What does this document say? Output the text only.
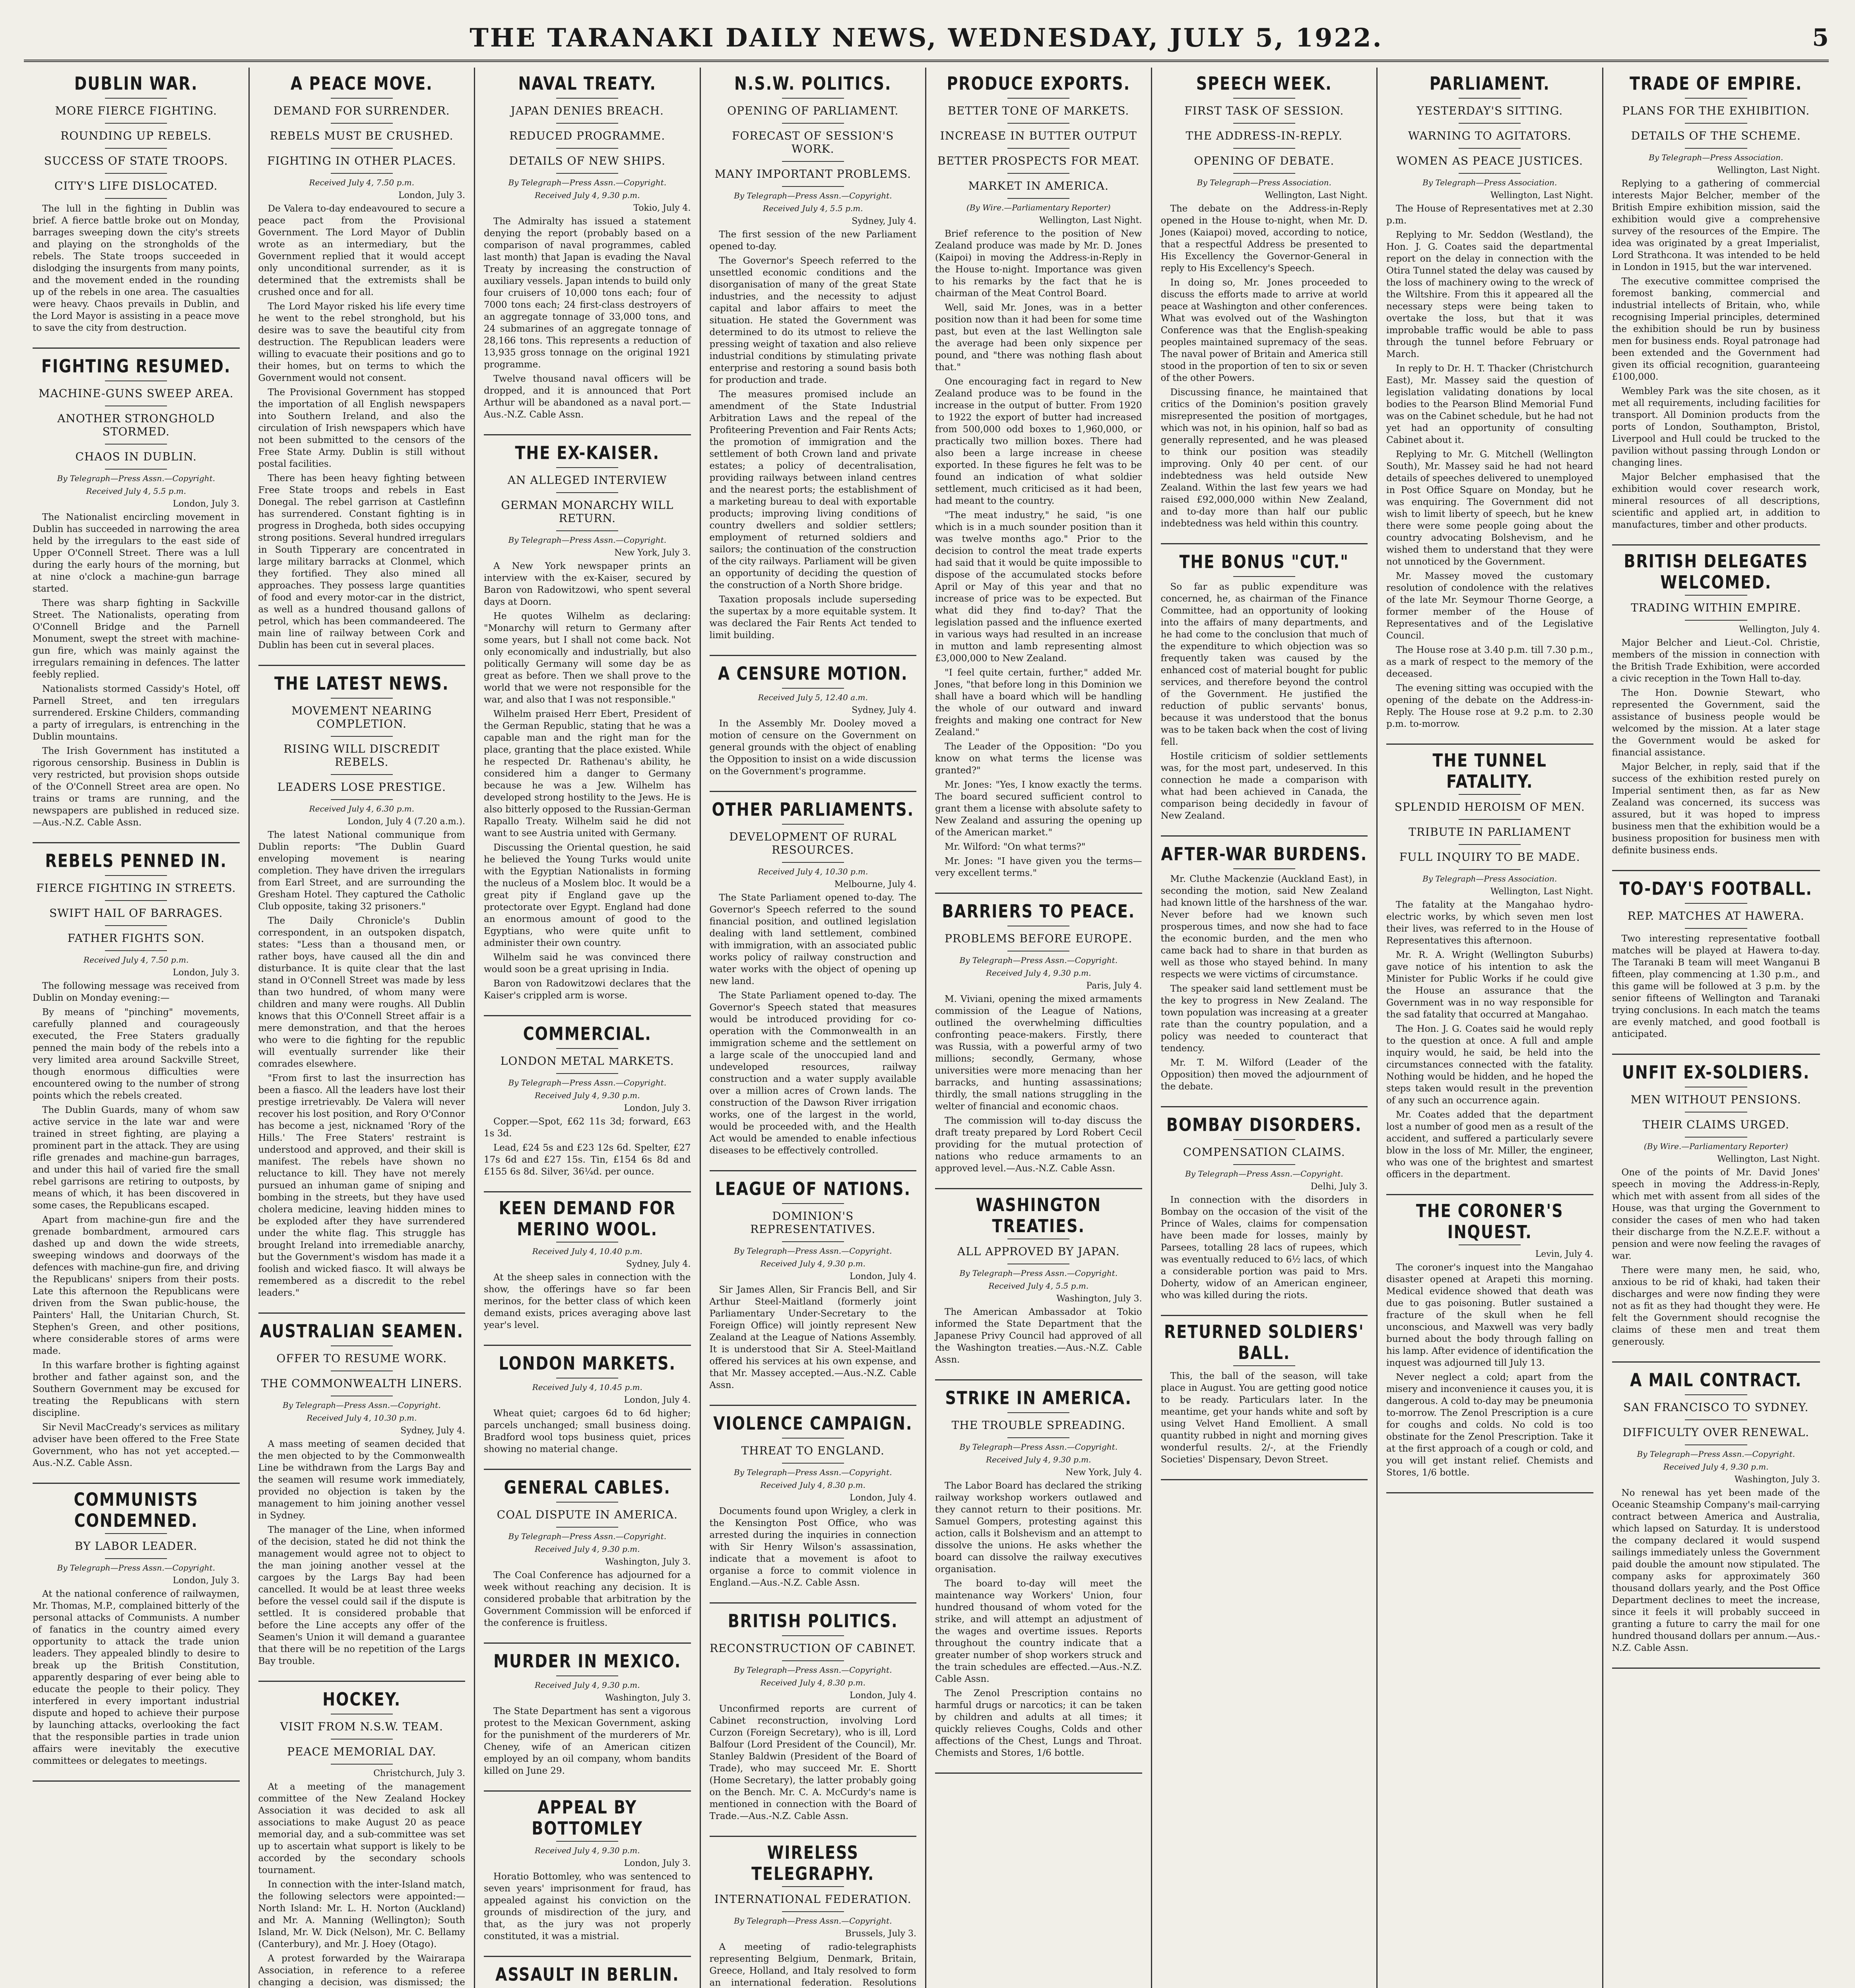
THE TARANAKI DAILY NEWS, WEDNESDAY, JULY 5, 1922.	5
DUBLIN WAR.
MORE FIERCE FIGHTING.
ROUNDING UP REBELS.
SUCCESS OF STATE TROOPS.
CITY'S LIFE DISLOCATED.

The lull in the fighting in Dublin was brief. A fierce battle broke out on Monday, barrages sweeping down the city's streets and playing on the strongholds of the rebels. The State troops succeeded in dislodging the insurgents from many points, and the movement ended in the rounding up of the rebels in one area. The casualties were heavy. Chaos prevails in Dublin, and the Lord Mayor is assisting in a peace move to save the city from destruction.

FIGHTING RESUMED.
MACHINE-GUNS SWEEP AREA.
ANOTHER STRONGHOLD STORMED.
CHAOS IN DUBLIN.
By Telegraph—Press Assn.—Copyright.
Received July 4, 5.5 p.m.
London, July 3.

The Nationalist encircling movement in Dublin has succeeded in narrowing the area held by the irregulars to the east side of Upper O'Connell Street. There was a lull during the early hours of the morning, but at nine o'clock a machine-gun barrage started.

There was sharp fighting in Sackville Street. The Nationalists, operating from O'Connell Bridge and the Parnell Monument, swept the street with machine-gun fire, which was mainly against the irregulars remaining in defences. The latter feebly replied.

Nationalists stormed Cassidy's Hotel, off Parnell Street, and ten irregulars surrendered. Erskine Childers, commanding a party of irregulars, is entrenching in the Dublin mountains.

The Irish Government has instituted a rigorous censorship. Business in Dublin is very restricted, but provision shops outside of the O'Connell Street area are open. No trains or trams are running, and the newspapers are published in reduced size.—Aus.-N.Z. Cable Assn.

REBELS PENNED IN.
FIERCE FIGHTING IN STREETS.
SWIFT HAIL OF BARRAGES.
FATHER FIGHTS SON.
Received July 4, 7.50 p.m.
London, July 3.

The following message was received from Dublin on Monday evening:—

By means of "pinching" movements, carefully planned and courageously executed, the Free Staters gradually penned the main body of the rebels into a very limited area around Sackville Street, though enormous difficulties were encountered owing to the number of strong points which the rebels created.

The Dublin Guards, many of whom saw active service in the late war and were trained in street fighting, are playing a prominent part in the attack. They are using rifle grenades and machine-gun barrages, and under this hail of varied fire the small rebel garrisons are retiring to outposts, by means of which, it has been discovered in some cases, the Republicans escaped.

Apart from machine-gun fire and the grenade bombardment, armoured cars dashed up and down the wide streets, sweeping windows and doorways of the defences with machine-gun fire, and driving the Republicans' snipers from their posts. Late this afternoon the Republicans were driven from the Swan public-house, the Painters' Hall, the Unitarian Church, St. Stephen's Green, and other positions, where considerable stores of arms were made.

In this warfare brother is fighting against brother and father against son, and the Southern Government may be excused for treating the Republicans with stern discipline.

Sir Nevil MacCready's services as military adviser have been offered to the Free State Government, who has not yet accepted.—Aus.-N.Z. Cable Assn.

COMMUNISTS CONDEMNED.
BY LABOR LEADER.
By Telegraph—Press Assn.—Copyright.
London, July 3.

At the national conference of railwaymen, Mr. Thomas, M.P., complained bitterly of the personal attacks of Communists. A number of fanatics in the country aimed every opportunity to attack the trade union leaders. They appealed blindly to desire to break up the British Constitution, apparently desparing of ever being able to educate the people to their policy. They interfered in every important industrial dispute and hoped to achieve their purpose by launching attacks, overlooking the fact that the responsible parties in trade union affairs were inevitably the executive committees or delegates to meetings.

A PEACE MOVE.
DEMAND FOR SURRENDER.
REBELS MUST BE CRUSHED.
FIGHTING IN OTHER PLACES.
Received July 4, 7.50 p.m.
London, July 3.

De Valera to-day endeavoured to secure a peace pact from the Provisional Government. The Lord Mayor of Dublin wrote as an intermediary, but the Government replied that it would accept only unconditional surrender, as it is determined that the extremists shall be crushed once and for all.

The Lord Mayor risked his life every time he went to the rebel stronghold, but his desire was to save the beautiful city from destruction. The Republican leaders were willing to evacuate their positions and go to their homes, but on terms to which the Government would not consent.

The Provisional Government has stopped the importation of all English newspapers into Southern Ireland, and also the circulation of Irish newspapers which have not been submitted to the censors of the Free State Army. Dublin is still without postal facilities.

There has been heavy fighting between Free State troops and rebels in East Donegal. The rebel garrison at Castlefinn has surrendered. Constant fighting is in progress in Drogheda, both sides occupying strong positions. Several hundred irregulars in South Tipperary are concentrated in large military barracks at Clonmel, which they fortified. They also mined all approaches. They possess large quantities of food and every motor-car in the district, as well as a hundred thousand gallons of petrol, which has been commandeered. The main line of railway between Cork and Dublin has been cut in several places.

THE LATEST NEWS.
MOVEMENT NEARING COMPLETION.
RISING WILL DISCREDIT REBELS.
LEADERS LOSE PRESTIGE.
Received July 4, 6.30 p.m.
London, July 4 (7.20 a.m.).

The latest National communique from Dublin reports: "The Dublin Guard enveloping movement is nearing completion. They have driven the irregulars from Earl Street, and are surrounding the Gresham Hotel. They captured the Catholic Club opposite, taking 32 prisoners."

The Daily Chronicle's Dublin correspondent, in an outspoken dispatch, states: "Less than a thousand men, or rather boys, have caused all the din and disturbance. It is quite clear that the last stand in O'Connell Street was made by less than two hundred, of whom many were children and many were roughs. All Dublin knows that this O'Connell Street affair is a mere demonstration, and that the heroes who were to die fighting for the republic will eventually surrender like their comrades elsewhere.

"From first to last the insurrection has been a fiasco. All the leaders have lost their prestige irretrievably. De Valera will never recover his lost position, and Rory O'Connor has become a jest, nicknamed 'Rory of the Hills.' The Free Staters' restraint is understood and approved, and their skill is manifest. The rebels have shown no reluctance to kill. They have not merely pursued an inhuman game of sniping and bombing in the streets, but they have used cholera medicine, leaving hidden mines to be exploded after they have surrendered under the white flag. This struggle has brought Ireland into irremediable anarchy, but the Government's wisdom has made it a foolish and wicked fiasco. It will always be remembered as a discredit to the rebel leaders."

AUSTRALIAN SEAMEN.
OFFER TO RESUME WORK.
THE COMMONWEALTH LINERS.
By Telegraph—Press Assn.—Copyright.
Received July 4, 10.30 p.m.
Sydney, July 4.

A mass meeting of seamen decided that the men objected to by the Commonwealth Line be withdrawn from the Largs Bay and the seamen will resume work immediately, provided no objection is taken by the management to him joining another vessel in Sydney.

The manager of the Line, when informed of the decision, stated he did not think the management would agree not to object to the man joining another vessel at the cargoes by the Largs Bay had been cancelled. It would be at least three weeks before the vessel could sail if the dispute is settled. It is considered probable that before the Line accepts any offer of the Seamen's Union it will demand a guarantee that there will be no repetition of the Largs Bay trouble.

HOCKEY.
VISIT FROM N.S.W. TEAM.
PEACE MEMORIAL DAY.
Christchurch, July 3.

At a meeting of the management committee of the New Zealand Hockey Association it was decided to ask all associations to make August 20 as peace memorial day, and a sub-committee was set up to ascertain what support is likely to be accorded by the secondary schools tournament.

In connection with the inter-Island match, the following selectors were appointed:—North Island: Mr. L. H. Norton (Auckland) and Mr. A. Manning (Wellington); South Island, Mr. W. Dick (Nelson), Mr. C. Bellamy (Canterbury), and Mr. J. Hoey (Otago).

A protest forwarded by the Wairarapa Association, in reference to a referee changing a decision, was dismissed; the

NAVAL TREATY.
JAPAN DENIES BREACH.
REDUCED PROGRAMME.
DETAILS OF NEW SHIPS.
By Telegraph—Press Assn.—Copyright.
Received July 4, 9.30 p.m.
Tokio, July 4.

The Admiralty has issued a statement denying the report (probably based on a comparison of naval programmes, cabled last month) that Japan is evading the Naval Treaty by increasing the construction of auxiliary vessels. Japan intends to build only four cruisers of 10,000 tons each; four of 7000 tons each; 24 first-class destroyers of an aggregate tonnage of 33,000 tons, and 24 submarines of an aggregate tonnage of 28,166 tons. This represents a reduction of 13,935 gross tonnage on the original 1921 programme.

Twelve thousand naval officers will be dropped, and it is announced that Port Arthur will be abandoned as a naval port.—Aus.-N.Z. Cable Assn.

THE EX-KAISER.
AN ALLEGED INTERVIEW
GERMAN MONARCHY WILL RETURN.
By Telegraph—Press Assn.—Copyright.
New York, July 3.

A New York newspaper prints an interview with the ex-Kaiser, secured by Baron von Radowitzowi, who spent several days at Doorn.

He quotes Wilhelm as declaring: "Monarchy will return to Germany after some years, but I shall not come back. Not only economically and industrially, but also politically Germany will some day be as great as before. Then we shall prove to the world that we were not responsible for the war, and also that I was not responsible."

Wilhelm praised Herr Ebert, President of the German Republic, stating that he was a capable man and the right man for the place, granting that the place existed. While he respected Dr. Rathenau's ability, he considered him a danger to Germany because he was a Jew. Wilhelm has developed strong hostility to the Jews. He is also bitterly opposed to the Russian-German Rapallo Treaty. Wilhelm said he did not want to see Austria united with Germany.

Discussing the Oriental question, he said he believed the Young Turks would unite with the Egyptian Nationalists in forming the nucleus of a Moslem bloc. It would be a great pity if England gave up the protectorate over Egypt. England had done an enormous amount of good to the Egyptians, who were quite unfit to administer their own country.

Wilhelm said he was convinced there would soon be a great uprising in India.

Baron von Radowitzowi declares that the Kaiser's crippled arm is worse.

COMMERCIAL.
LONDON METAL MARKETS.
By Telegraph—Press Assn.—Copyright.
Received July 4, 9.30 p.m.
London, July 3.

Copper.—Spot, £62 11s 3d; forward, £63 1s 3d.

Lead, £24 5s and £23 12s 6d. Spelter, £27 17s 6d and £27 15s. Tin, £154 6s 8d and £155 6s 8d. Silver, 36¼d. per ounce.

KEEN DEMAND FOR MERINO WOOL.
Received July 4, 10.40 p.m.
Sydney, July 4.

At the sheep sales in connection with the show, the offerings have so far been merinos, for the better class of which keen demand exists, prices averaging above last year's level.

LONDON MARKETS.
Received July 4, 10.45 p.m.
London, July 4.

Wheat quiet; cargoes 6d to 6d higher; parcels unchanged; small business doing. Bradford wool tops business quiet, prices showing no material change.

GENERAL CABLES.
COAL DISPUTE IN AMERICA.
By Telegraph—Press Assn.—Copyright.
Received July 4, 9.30 p.m.
Washington, July 3.

The Coal Conference has adjourned for a week without reaching any decision. It is considered probable that arbitration by the Government Commission will be enforced if the conference is fruitless.

MURDER IN MEXICO.
Received July 4, 9.30 p.m.
Washington, July 3.

The State Department has sent a vigorous protest to the Mexican Government, asking for the punishment of the murderers of Mr. Cheney, wife of an American citizen employed by an oil company, whom bandits killed on June 29.

APPEAL BY BOTTOMLEY
Received July 4, 9.30 p.m.
London, July 3.

Horatio Bottomley, who was sentenced to seven years' imprisonment for fraud, has appealed against his conviction on the grounds of misdirection of the jury, and that, as the jury was not properly constituted, it was a mistrial.

ASSAULT IN BERLIN.

N.S.W. POLITICS.
OPENING OF PARLIAMENT.
FORECAST OF SESSION'S WORK.
MANY IMPORTANT PROBLEMS.
By Telegraph—Press Assn.—Copyright.
Received July 4, 5.5 p.m.
Sydney, July 4.

The first session of the new Parliament opened to-day.

The Governor's Speech referred to the unsettled economic conditions and the disorganisation of many of the great State industries, and the necessity to adjust capital and labor affairs to meet the situation. He stated the Government was determined to do its utmost to relieve the pressing weight of taxation and also relieve industrial conditions by stimulating private enterprise and restoring a sound basis both for production and trade.

The measures promised include an amendment of the State Industrial Arbitration Laws and the repeal of the Profiteering Prevention and Fair Rents Acts; the promotion of immigration and the settlement of both Crown land and private estates; a policy of decentralisation, providing railways between inland centres and the nearest ports; the establishment of a marketing bureau to deal with exportable products; improving living conditions of country dwellers and soldier settlers; employment of returned soldiers and sailors; the continuation of the construction of the city railways. Parliament will be given an opportunity of deciding the question of the construction of a North Shore bridge.

Taxation proposals include superseding the supertax by a more equitable system. It was declared the Fair Rents Act tended to limit building.

A CENSURE MOTION.
Received July 5, 12.40 a.m.
Sydney, July 4.

In the Assembly Mr. Dooley moved a motion of censure on the Government on general grounds with the object of enabling the Opposition to insist on a wide discussion on the Government's programme.

OTHER PARLIAMENTS.
DEVELOPMENT OF RURAL RESOURCES.
Received July 4, 10.30 p.m.
Melbourne, July 4.

The State Parliament opened to-day. The Governor's Speech referred to the sound financial position, and outlined legislation dealing with land settlement, combined with immigration, with an associated public works policy of railway construction and water works with the object of opening up new land.

The State Parliament opened to-day. The Governor's Speech stated that measures would be introduced providing for co-operation with the Commonwealth in an immigration scheme and the settlement on a large scale of the unoccupied land and undeveloped resources, railway construction and a water supply available over a million acres of Crown lands. The construction of the Dawson River irrigation works, one of the largest in the world, would be proceeded with, and the Health Act would be amended to enable infectious diseases to be effectively controlled.

LEAGUE OF NATIONS.
DOMINION'S REPRESENTATIVES.
By Telegraph—Press Assn.—Copyright.
Received July 4, 9.30 p.m.
London, July 4.

Sir James Allen, Sir Francis Bell, and Sir Arthur Steel-Maitland (formerly joint Parliamentary Under-Secretary to the Foreign Office) will jointly represent New Zealand at the League of Nations Assembly. It is understood that Sir A. Steel-Maitland offered his services at his own expense, and that Mr. Massey accepted.—Aus.-N.Z. Cable Assn.

VIOLENCE CAMPAIGN.
THREAT TO ENGLAND.
By Telegraph—Press Assn.—Copyright.
Received July 4, 8.30 p.m.
London, July 4.

Documents found upon Wrigley, a clerk in the Kensington Post Office, who was arrested during the inquiries in connection with Sir Henry Wilson's assassination, indicate that a movement is afoot to organise a force to commit violence in England.—Aus.-N.Z. Cable Assn.

BRITISH POLITICS.
RECONSTRUCTION OF CABINET.
By Telegraph—Press Assn.—Copyright.
Received July 4, 8.30 p.m.
London, July 4.

Unconfirmed reports are current of Cabinet reconstruction, involving Lord Curzon (Foreign Secretary), who is ill, Lord Balfour (Lord President of the Council), Mr. Stanley Baldwin (President of the Board of Trade), who may succeed Mr. E. Shortt (Home Secretary), the latter probably going on the Bench. Mr. C. A. McCurdy's name is mentioned in connection with the Board of Trade.—Aus.-N.Z. Cable Assn.

WIRELESS TELEGRAPHY.
INTERNATIONAL FEDERATION.
By Telegraph—Press Assn.—Copyright.
Brussels, July 3.

A meeting of radio-telegraphists representing Belgium, Denmark, Britain, Greece, Holland, and Italy resolved to form an international federation. Resolutions

PRODUCE EXPORTS.
BETTER TONE OF MARKETS.
INCREASE IN BUTTER OUTPUT
BETTER PROSPECTS FOR MEAT.
MARKET IN AMERICA.
(By Wire.—Parliamentary Reporter)
Wellington, Last Night.

Brief reference to the position of New Zealand produce was made by Mr. D. Jones (Kaipoi) in moving the Address-in-Reply in the House to-night. Importance was given to his remarks by the fact that he is chairman of the Meat Control Board.

Well, said Mr. Jones, was in a better position now than it had been for some time past, but even at the last Wellington sale the average had been only sixpence per pound, and "there was nothing flash about that."

One encouraging fact in regard to New Zealand produce was to be found in the increase in the output of butter. From 1920 to 1922 the export of butter had increased from 500,000 odd boxes to 1,960,000, or practically two million boxes. There had also been a large increase in cheese exported. In these figures he felt was to be found an indication of what soldier settlement, much criticised as it had been, had meant to the country.

"The meat industry," he said, "is one which is in a much sounder position than it was twelve months ago." Prior to the decision to control the meat trade experts had said that it would be quite impossible to dispose of the accumulated stocks before April or May of this year and that no increase of price was to be expected. But what did they find to-day? That the legislation passed and the influence exerted in various ways had resulted in an increase in mutton and lamb representing almost £3,000,000 to New Zealand.

"I feel quite certain, further," added Mr. Jones, "that before long in this Dominion we shall have a board which will be handling the whole of our outward and inward freights and making one contract for New Zealand."

The Leader of the Opposition: "Do you know on what terms the license was granted?"

Mr. Jones: "Yes, I know exactly the terms. The board secured sufficient control to grant them a license with absolute safety to New Zealand and assuring the opening up of the American market."

Mr. Wilford: "On what terms?"

Mr. Jones: "I have given you the terms—very excellent terms."

BARRIERS TO PEACE.
PROBLEMS BEFORE EUROPE.
By Telegraph—Press Assn.—Copyright.
Received July 4, 9.30 p.m.
Paris, July 4.

M. Viviani, opening the mixed armaments commission of the League of Nations, outlined the overwhelming difficulties confronting peace-makers. Firstly, there was Russia, with a powerful army of two millions; secondly, Germany, whose universities were more menacing than her barracks, and hunting assassinations; thirdly, the small nations struggling in the welter of financial and economic chaos.

The commission will to-day discuss the draft treaty prepared by Lord Robert Cecil providing for the mutual protection of nations who reduce armaments to an approved level.—Aus.-N.Z. Cable Assn.

WASHINGTON TREATIES.
ALL APPROVED BY JAPAN.
By Telegraph—Press Assn.—Copyright.
Received July 4, 5.5 p.m.
Washington, July 3.

The American Ambassador at Tokio informed the State Department that the Japanese Privy Council had approved of all the Washington treaties.—Aus.-N.Z. Cable Assn.

STRIKE IN AMERICA.
THE TROUBLE SPREADING.
By Telegraph—Press Assn.—Copyright.
Received July 4, 9.30 p.m.
New York, July 4.

The Labor Board has declared the striking railway workshop workers outlawed and they cannot return to their positions. Mr. Samuel Gompers, protesting against this action, calls it Bolshevism and an attempt to dissolve the unions. He asks whether the board can dissolve the railway executives organisation.

The board to-day will meet the maintenance way Workers' Union, four hundred thousand of whom voted for the strike, and will attempt an adjustment of the wages and overtime issues. Reports throughout the country indicate that a greater number of shop workers struck and the train schedules are effected.—Aus.-N.Z. Cable Assn.

The Zenol Prescription contains no harmful drugs or narcotics; it can be taken by children and adults at all times; it quickly relieves Coughs, Colds and other affections of the Chest, Lungs and Throat. Chemists and Stores, 1/6 bottle.

SPEECH WEEK.
FIRST TASK OF SESSION.
THE ADDRESS-IN-REPLY.
OPENING OF DEBATE.
By Telegraph—Press Association.
Wellington, Last Night.

The debate on the Address-in-Reply opened in the House to-night, when Mr. D. Jones (Kaiapoi) moved, according to notice, that a respectful Address be presented to His Excellency the Governor-General in reply to His Excellency's Speech.

In doing so, Mr. Jones proceeded to discuss the efforts made to arrive at world peace at Washington and other conferences. What was evolved out of the Washington Conference was that the English-speaking peoples maintained supremacy of the seas. The naval power of Britain and America still stood in the proportion of ten to six or seven of the other Powers.

Discussing finance, he maintained that critics of the Dominion's position gravely misrepresented the position of mortgages, which was not, in his opinion, half so bad as generally represented, and he was pleased to think our position was steadily improving. Only 40 per cent. of our indebtedness was held outside New Zealand. Within the last few years we had raised £92,000,000 within New Zealand, and to-day more than half our public indebtedness was held within this country.

THE BONUS "CUT."

So far as public expenditure was concerned, he, as chairman of the Finance Committee, had an opportunity of looking into the affairs of many departments, and he had come to the conclusion that much of the expenditure to which objection was so frequently taken was caused by the enhanced cost of material bought for public services, and therefore beyond the control of the Government. He justified the reduction of public servants' bonus, because it was understood that the bonus was to be taken back when the cost of living fell.

Hostile criticism of soldier settlements was, for the most part, undeserved. In this connection he made a comparison with what had been achieved in Canada, the comparison being decidedly in favour of New Zealand.

AFTER-WAR BURDENS.

Mr. Cluthe Mackenzie (Auckland East), in seconding the motion, said New Zealand had known little of the harshness of the war. Never before had we known such prosperous times, and now she had to face the economic burden, and the men who came back had to share in that burden as well as those who stayed behind. In many respects we were victims of circumstance.

The speaker said land settlement must be the key to progress in New Zealand. The town population was increasing at a greater rate than the country population, and a policy was needed to counteract that tendency.

Mr. T. M. Wilford (Leader of the Opposition) then moved the adjournment of the debate.

BOMBAY DISORDERS.
COMPENSATION CLAIMS.
By Telegraph—Press Assn.—Copyright.
Delhi, July 3.

In connection with the disorders in Bombay on the occasion of the visit of the Prince of Wales, claims for compensation have been made for losses, mainly by Parsees, totalling 28 lacs of rupees, which was eventually reduced to 6½ lacs, of which a considerable portion was paid to Mrs. Doherty, widow of an American engineer, who was killed during the riots.

RETURNED SOLDIERS' BALL.

This, the ball of the season, will take place in August. You are getting good notice to be ready. Particulars later. In the meantime, get your hands white and soft by using Velvet Hand Emollient. A small quantity rubbed in night and morning gives wonderful results. 2/-, at the Friendly Societies' Dispensary, Devon Street.

PARLIAMENT.
YESTERDAY'S SITTING.
WARNING TO AGITATORS.
WOMEN AS PEACE JUSTICES.
By Telegraph—Press Association.
Wellington, Last Night.

The House of Representatives met at 2.30 p.m.

Replying to Mr. Seddon (Westland), the Hon. J. G. Coates said the departmental report on the delay in connection with the Otira Tunnel stated the delay was caused by the loss of machinery owing to the wreck of the Wiltshire. From this it appeared all the necessary steps were being taken to overtake the loss, but that it was improbable traffic would be able to pass through the tunnel before February or March.

In reply to Dr. H. T. Thacker (Christchurch East), Mr. Massey said the question of legislation validating donations by local bodies to the Pearson Blind Memorial Fund was on the Cabinet schedule, but he had not yet had an opportunity of consulting Cabinet about it.

Replying to Mr. G. Mitchell (Wellington South), Mr. Massey said he had not heard details of speeches delivered to unemployed in Post Office Square on Monday, but he was enquiring. The Government did not wish to limit liberty of speech, but he knew there were some people going about the country advocating Bolshevism, and he wished them to understand that they were not unnoticed by the Government.

Mr. Massey moved the customary resolution of condolence with the relatives of the late Mr. Seymour Thorne George, a former member of the House of Representatives and of the Legislative Council.

The House rose at 3.40 p.m. till 7.30 p.m., as a mark of respect to the memory of the deceased.

The evening sitting was occupied with the opening of the debate on the Address-in-Reply. The House rose at 9.2 p.m. to 2.30 p.m. to-morrow.

THE TUNNEL FATALITY.
SPLENDID HEROISM OF MEN.
TRIBUTE IN PARLIAMENT
FULL INQUIRY TO BE MADE.
By Telegraph—Press Association.
Wellington, Last Night.

The fatality at the Mangahao hydro-electric works, by which seven men lost their lives, was referred to in the House of Representatives this afternoon.

Mr. R. A. Wright (Wellington Suburbs) gave notice of his intention to ask the Minister for Public Works if he could give the House an assurance that the Government was in no way responsible for the sad fatality that occurred at Mangahao.

The Hon. J. G. Coates said he would reply to the question at once. A full and ample inquiry would, he said, be held into the circumstances connected with the fatality. Nothing would be hidden, and he hoped the steps taken would result in the prevention of any such an occurrence again.

Mr. Coates added that the department lost a number of good men as a result of the accident, and suffered a particularly severe blow in the loss of Mr. Miller, the engineer, who was one of the brightest and smartest officers in the department.

THE CORONER'S INQUEST.
Levin, July 4.

The coroner's inquest into the Mangahao disaster opened at Arapeti this morning. Medical evidence showed that death was due to gas poisoning. Butler sustained a fracture of the skull when he fell unconscious, and Maxwell was very badly burned about the body through falling on his lamp. After evidence of identification the inquest was adjourned till July 13.

Never neglect a cold; apart from the misery and inconvenience it causes you, it is dangerous. A cold to-day may be pneumonia to-morrow. The Zenol Prescription is a cure for coughs and colds. No cold is too obstinate for the Zenol Prescription. Take it at the first approach of a cough or cold, and you will get instant relief. Chemists and Stores, 1/6 bottle.

TRADE OF EMPIRE.
PLANS FOR THE EXHIBITION.
DETAILS OF THE SCHEME.
By Telegraph—Press Association.
Wellington, Last Night.

Replying to a gathering of commercial interests Major Belcher, member of the British Empire exhibition mission, said the exhibition would give a comprehensive survey of the resources of the Empire. The idea was originated by a great Imperialist, Lord Strathcona. It was intended to be held in London in 1915, but the war intervened.

The executive committee comprised the foremost banking, commercial and industrial intellects of Britain, who, while recognising Imperial principles, determined the exhibition should be run by business men for business ends. Royal patronage had been extended and the Government had given its official recognition, guaranteeing £100,000.

Wembley Park was the site chosen, as it met all requirements, including facilities for transport. All Dominion products from the ports of London, Southampton, Bristol, Liverpool and Hull could be trucked to the pavilion without passing through London or changing lines.

Major Belcher emphasised that the exhibition would cover research work, mineral resources of all descriptions, scientific and applied art, in addition to manufactures, timber and other products.

BRITISH DELEGATES WELCOMED.
TRADING WITHIN EMPIRE.
Wellington, July 4.

Major Belcher and Lieut.-Col. Christie, members of the mission in connection with the British Trade Exhibition, were accorded a civic reception in the Town Hall to-day.

The Hon. Downie Stewart, who represented the Government, said the assistance of business people would be welcomed by the mission. At a later stage the Government would be asked for financial assistance.

Major Belcher, in reply, said that if the success of the exhibition rested purely on Imperial sentiment then, as far as New Zealand was concerned, its success was assured, but it was hoped to impress business men that the exhibition would be a business proposition for business men with definite business ends.

TO-DAY'S FOOTBALL.
REP. MATCHES AT HAWERA.

Two interesting representative football matches will be played at Hawera to-day. The Taranaki B team will meet Wanganui B fifteen, play commencing at 1.30 p.m., and this game will be followed at 3 p.m. by the senior fifteens of Wellington and Taranaki trying conclusions. In each match the teams are evenly matched, and good football is anticipated.

UNFIT EX-SOLDIERS.
MEN WITHOUT PENSIONS.
THEIR CLAIMS URGED.
(By Wire.—Parliamentary Reporter)
Wellington, Last Night.

One of the points of Mr. David Jones' speech in moving the Address-in-Reply, which met with assent from all sides of the House, was that urging the Government to consider the cases of men who had taken their discharge from the N.Z.E.F. without a pension and were now feeling the ravages of war.

There were many men, he said, who, anxious to be rid of khaki, had taken their discharges and were now finding they were not as fit as they had thought they were. He felt the Government should recognise the claims of these men and treat them generously.

A MAIL CONTRACT.
SAN FRANCISCO TO SYDNEY.
DIFFICULTY OVER RENEWAL.
By Telegraph—Press Assn.—Copyright.
Received July 4, 9.30 p.m.
Washington, July 3.

No renewal has yet been made of the Oceanic Steamship Company's mail-carrying contract between America and Australia, which lapsed on Saturday. It is understood the company declared it would suspend sailings immediately unless the Government paid double the amount now stipulated. The company asks for approximately 360 thousand dollars yearly, and the Post Office Department declines to meet the increase, since it feels it will probably succeed in granting a future to carry the mail for one hundred thousand dollars per annum.—Aus.-N.Z. Cable Assn.
